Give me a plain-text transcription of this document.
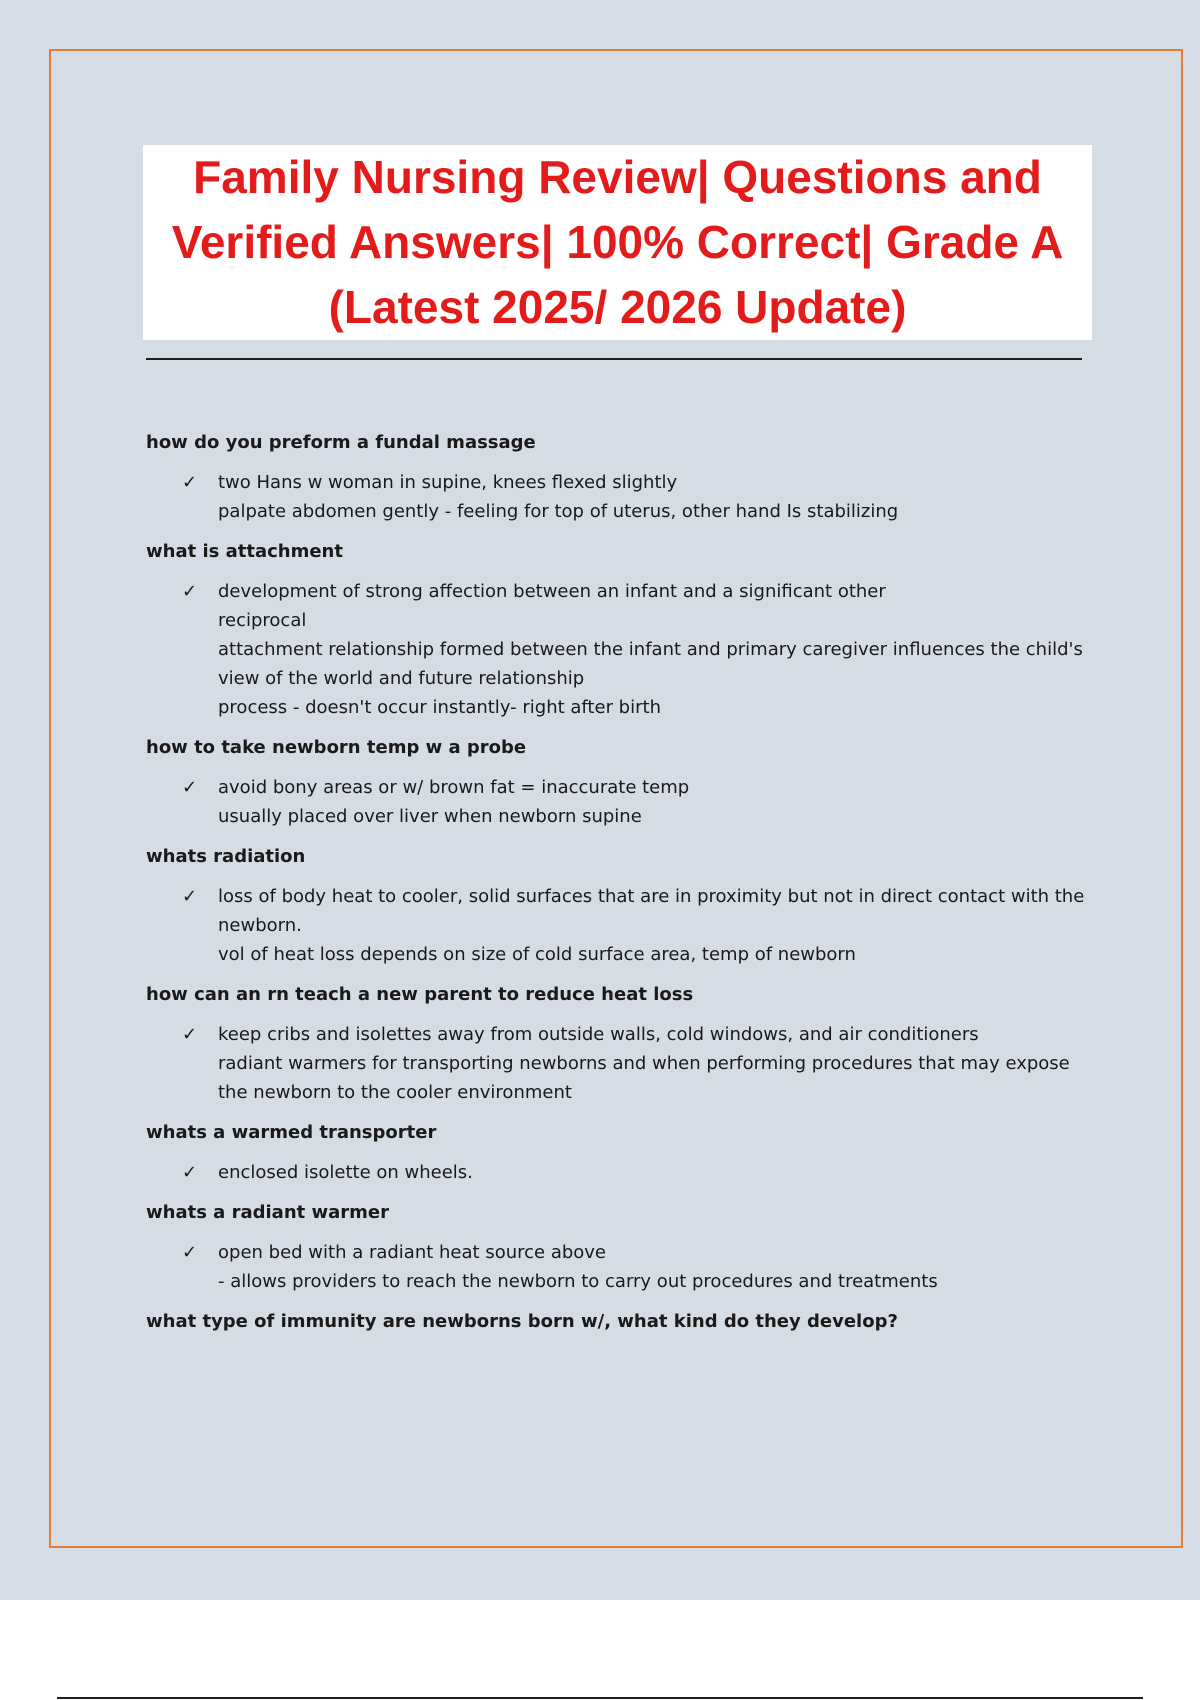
Family Nursing Review| Questions and Verified Answers| 100% Correct| Grade A (Latest 2025/ 2026 Update)
how do you preform a fundal massage
✓	two Hans w woman in supine, knees flexed slightly
palpate abdomen gently - feeling for top of uterus, other hand Is stabilizing
what is attachment
✓	development of strong affection between an infant and a significant other
reciprocal
attachment relationship formed between the infant and primary caregiver influences the child's view of the world and future relationship
process - doesn't occur instantly- right after birth
how to take newborn temp w a probe
✓	avoid bony areas or w/ brown fat = inaccurate temp
usually placed over liver when newborn supine
whats radiation
✓	loss of body heat to cooler, solid surfaces that are in proximity but not in direct contact with the newborn.
vol of heat loss depends on size of cold surface area, temp of newborn
how can an rn teach a new parent to reduce heat loss
✓	keep cribs and isolettes away from outside walls, cold windows, and air conditioners
radiant warmers for transporting newborns and when performing procedures that may expose the newborn to the cooler environment
whats a warmed transporter
✓	enclosed isolette on wheels.
whats a radiant warmer
✓	open bed with a radiant heat source above
- allows providers to reach the newborn to carry out procedures and treatments
what type of immunity are newborns born w/, what kind do they develop?
